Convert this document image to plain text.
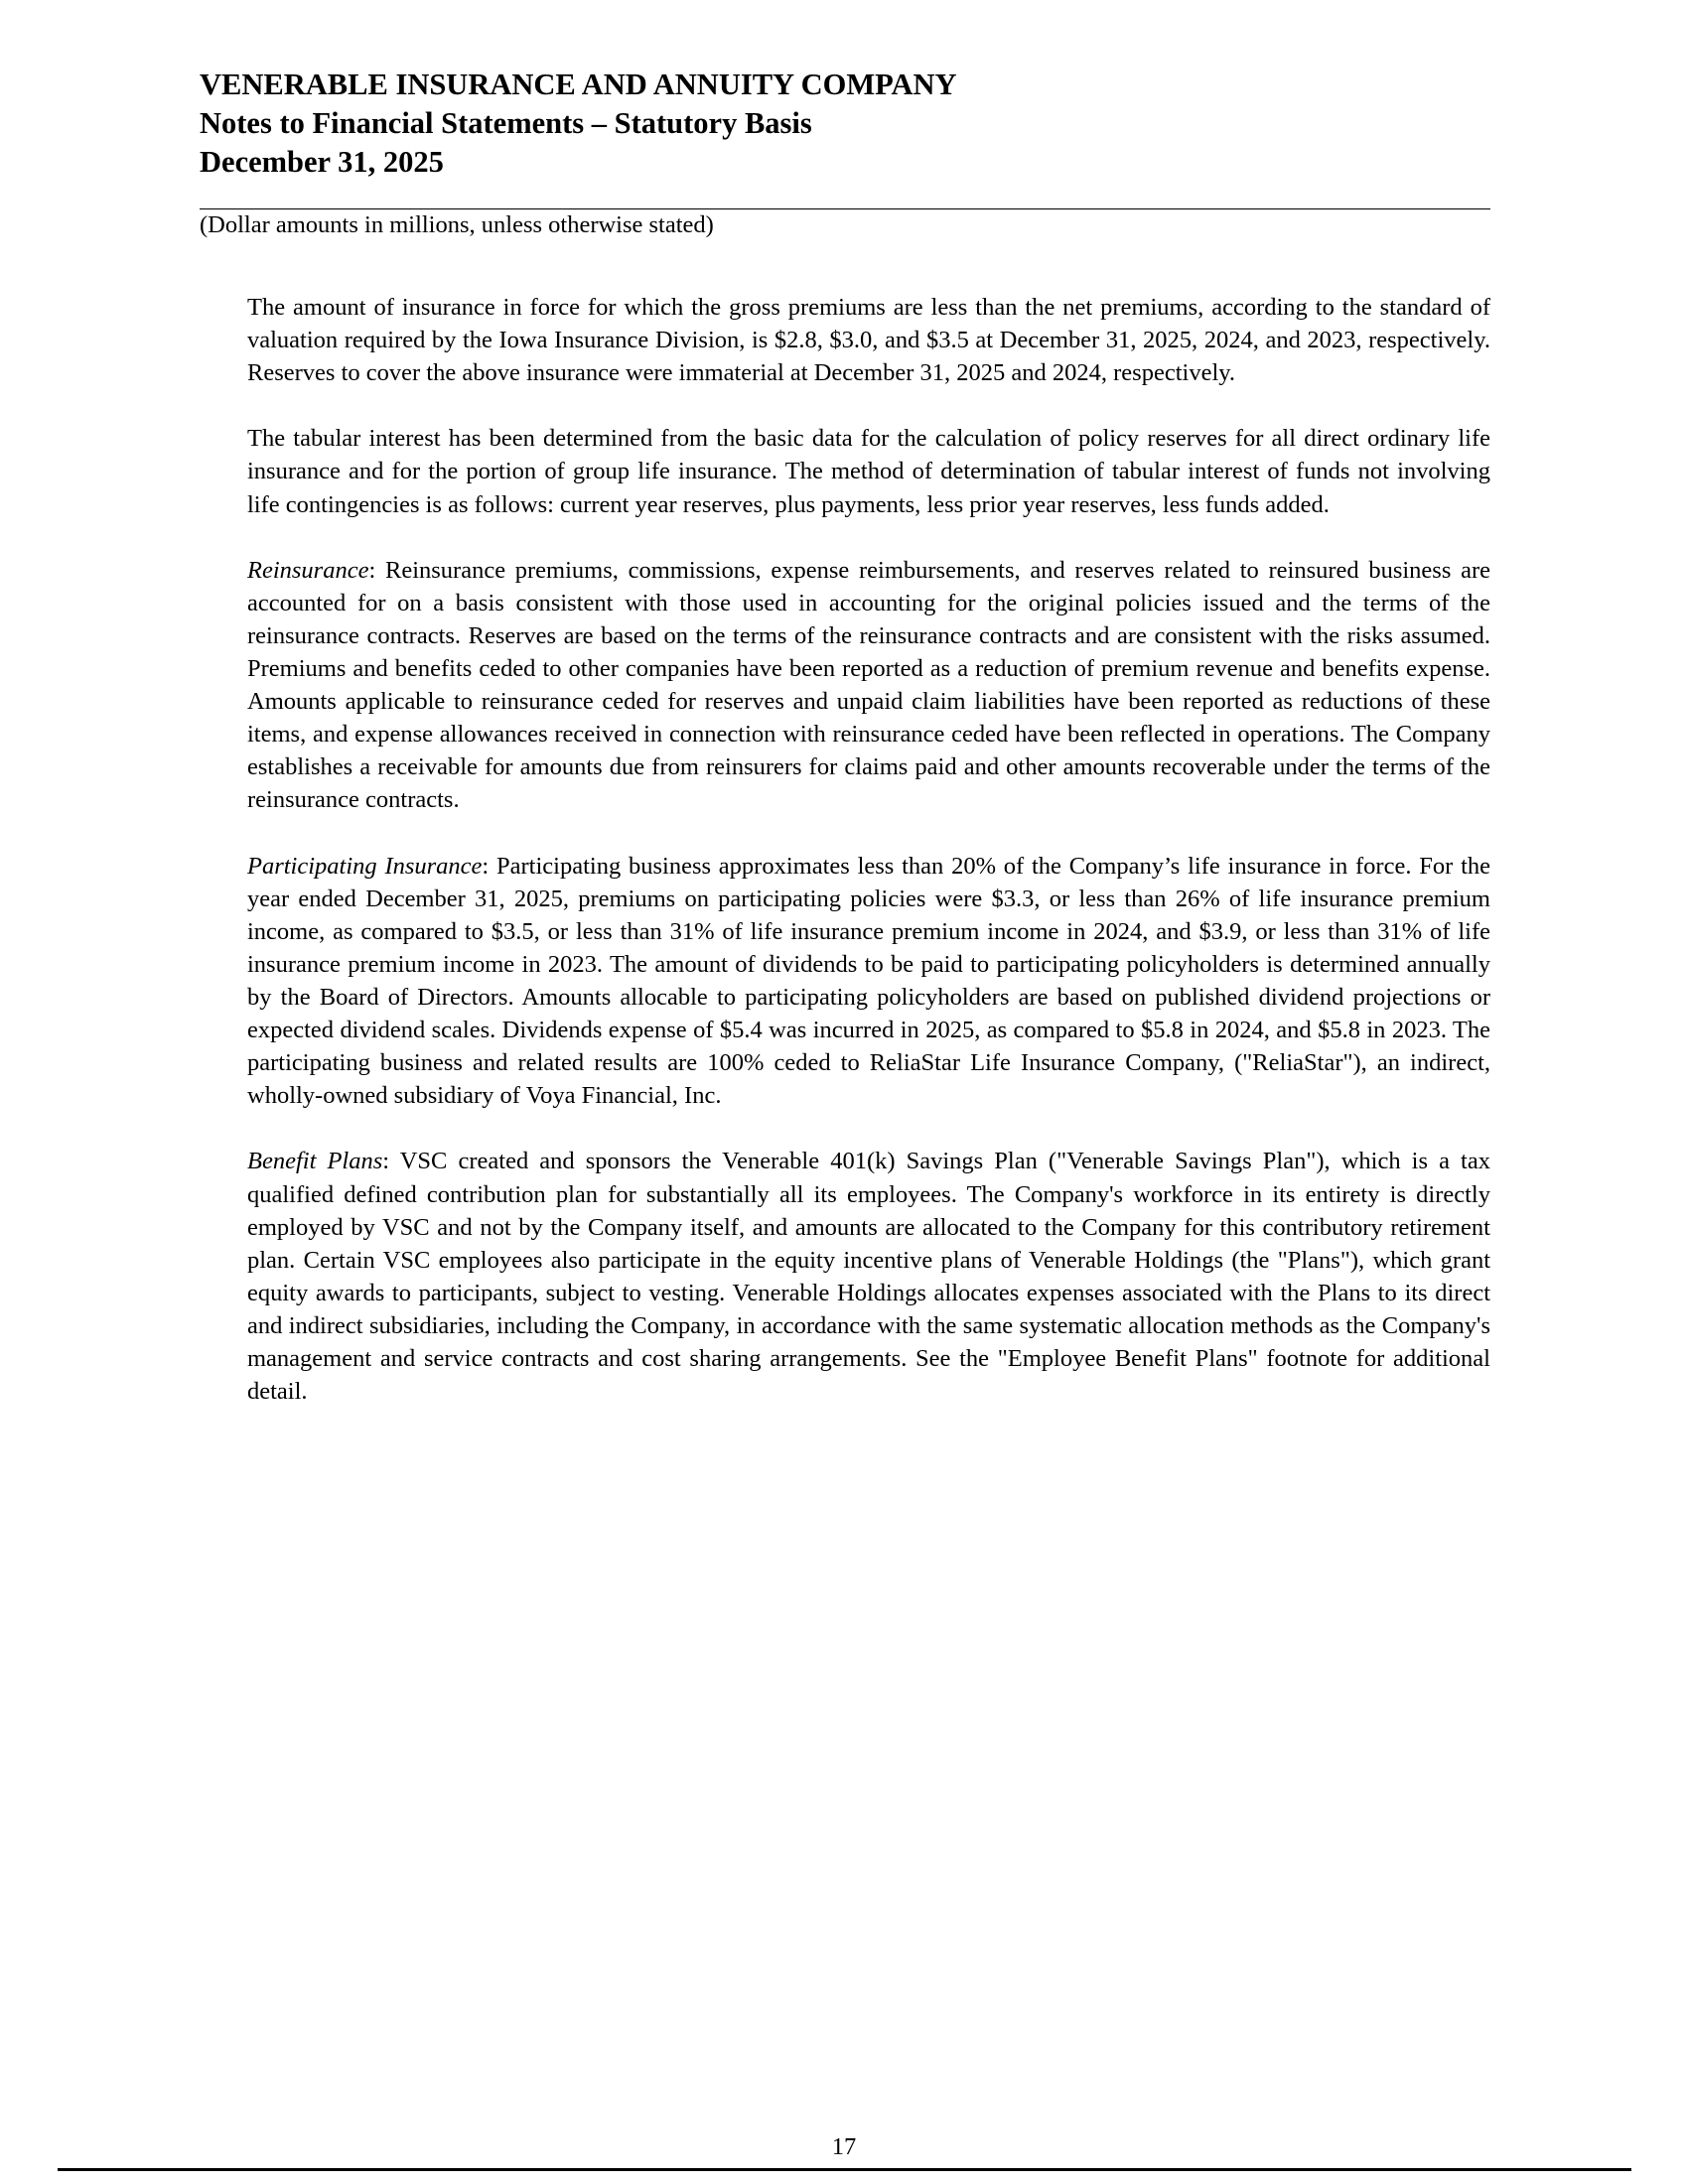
VENERABLE INSURANCE AND ANNUITY COMPANY

Notes to Financial Statements – Statutory Basis

December 31, 2025

(Dollar amounts in millions, unless otherwise stated)

The amount of insurance in force for which the gross premiums are less than the net premiums, according to the standard of valuation required by the Iowa Insurance Division, is $2.8, $3.0, and $3.5 at December 31, 2025, 2024, and 2023, respectively. Reserves to cover the above insurance were immaterial at December 31, 2025 and 2024, respectively.

The tabular interest has been determined from the basic data for the calculation of policy reserves for all direct ordinary life insurance and for the portion of group life insurance. The method of determination of tabular interest of funds not involving life contingencies is as follows: current year reserves, plus payments, less prior year reserves, less funds added.

Reinsurance: Reinsurance premiums, commissions, expense reimbursements, and reserves related to reinsured business are accounted for on a basis consistent with those used in accounting for the original policies issued and the terms of the reinsurance contracts. Reserves are based on the terms of the reinsurance contracts and are consistent with the risks assumed. Premiums and benefits ceded to other companies have been reported as a reduction of premium revenue and benefits expense. Amounts applicable to reinsurance ceded for reserves and unpaid claim liabilities have been reported as reductions of these items, and expense allowances received in connection with reinsurance ceded have been reflected in operations. The Company establishes a receivable for amounts due from reinsurers for claims paid and other amounts recoverable under the terms of the reinsurance contracts.

Participating Insurance: Participating business approximates less than 20% of the Company’s life insurance in force. For the year ended December 31, 2025, premiums on participating policies were $3.3, or less than 26% of life insurance premium income, as compared to $3.5, or less than 31% of life insurance premium income in 2024, and $3.9, or less than 31% of life insurance premium income in 2023. The amount of dividends to be paid to participating policyholders is determined annually by the Board of Directors. Amounts allocable to participating policyholders are based on published dividend projections or expected dividend scales. Dividends expense of $5.4 was incurred in 2025, as compared to $5.8 in 2024, and $5.8 in 2023. The participating business and related results are 100% ceded to ReliaStar Life Insurance Company, ("ReliaStar"), an indirect, wholly-owned subsidiary of Voya Financial, Inc.

Benefit Plans: VSC created and sponsors the Venerable 401(k) Savings Plan ("Venerable Savings Plan"), which is a tax qualified defined contribution plan for substantially all its employees. The Company's workforce in its entirety is directly employed by VSC and not by the Company itself, and amounts are allocated to the Company for this contributory retirement plan. Certain VSC employees also participate in the equity incentive plans of Venerable Holdings (the "Plans"), which grant equity awards to participants, subject to vesting. Venerable Holdings allocates expenses associated with the Plans to its direct and indirect subsidiaries, including the Company, in accordance with the same systematic allocation methods as the Company's management and service contracts and cost sharing arrangements. See the "Employee Benefit Plans" footnote for additional detail.

17
